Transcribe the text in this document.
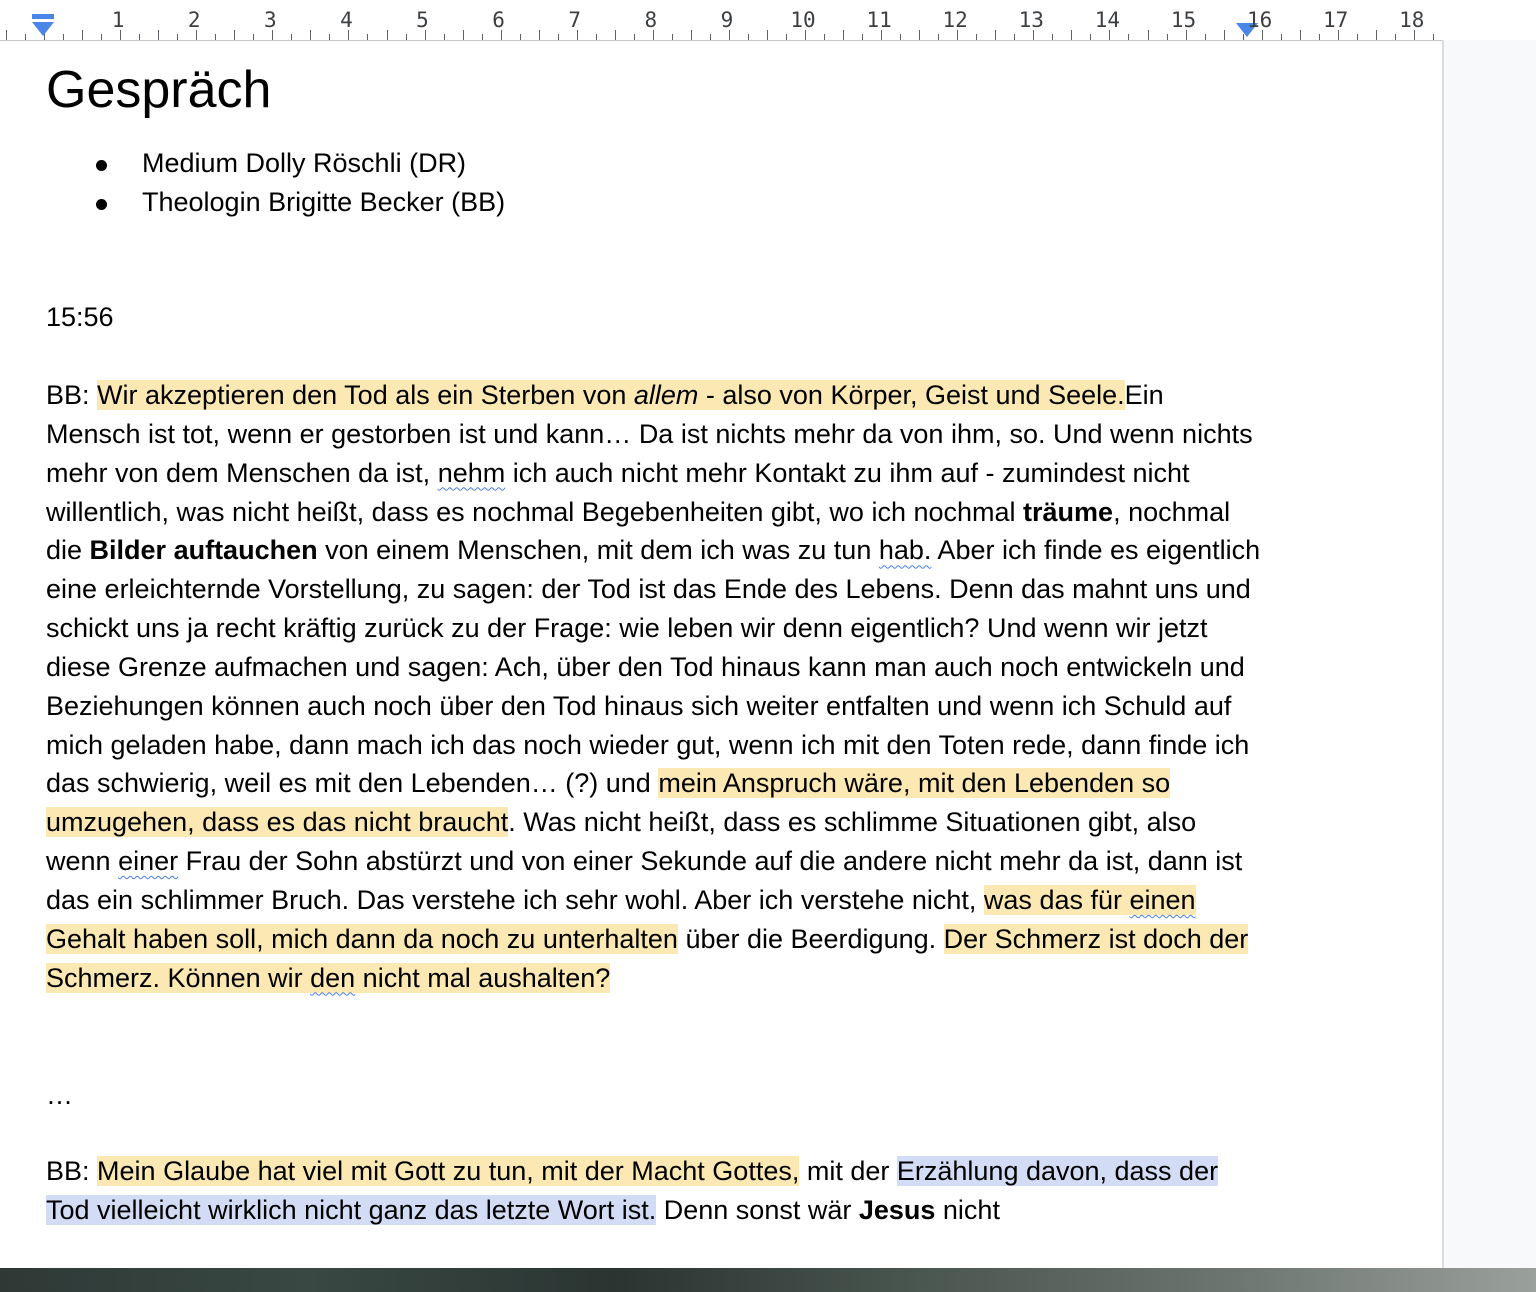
1	2	3	4	5	6	7	8	9	10 11 12 13 14 15 16 17 18
Gespräch
Medium Dolly Röschli (DR)
Theologin Brigitte Becker (BB)
15:56

BB: Wir akzeptieren den Tod als ein Sterben von allem - also von Körper, Geist und Seele.Ein Mensch ist tot, wenn er gestorben ist und kann… Da ist nichts mehr da von ihm, so. Und wenn nichts mehr von dem Menschen da ist, nehm ich auch nicht mehr Kontakt zu ihm auf - zumindest nicht willentlich, was nicht heißt, dass es nochmal Begebenheiten gibt, wo ich nochmal träume, nochmal die Bilder auftauchen von einem Menschen, mit dem ich was zu tun hab. Aber ich finde es eigentlich eine erleichternde Vorstellung, zu sagen: der Tod ist das Ende des Lebens. Denn das mahnt uns und schickt uns ja recht kräftig zurück zu der Frage: wie leben wir denn eigentlich? Und wenn wir jetzt diese Grenze aufmachen und sagen: Ach, über den Tod hinaus kann man auch noch entwickeln und Beziehungen können auch noch über den Tod hinaus sich weiter entfalten und wenn ich Schuld auf mich geladen habe, dann mach ich das noch wieder gut, wenn ich mit den Toten rede, dann finde ich das schwierig, weil es mit den Lebenden… (?) und mein Anspruch wäre, mit den Lebenden so umzugehen, dass es das nicht braucht. Was nicht heißt, dass es schlimme Situationen gibt, also wenn einer Frau der Sohn abstürzt und von einer Sekunde auf die andere nicht mehr da ist, dann ist das ein schlimmer Bruch. Das verstehe ich sehr wohl. Aber ich verstehe nicht, was das für einen Gehalt haben soll, mich dann da noch zu unterhalten über die Beerdigung. Der Schmerz ist doch der Schmerz. Können wir den nicht mal aushalten?

…

BB: Mein Glaube hat viel mit Gott zu tun, mit der Macht Gottes, mit der Erzählung davon, dass der Tod vielleicht wirklich nicht ganz das letzte Wort ist. Denn sonst wär Jesus nicht
